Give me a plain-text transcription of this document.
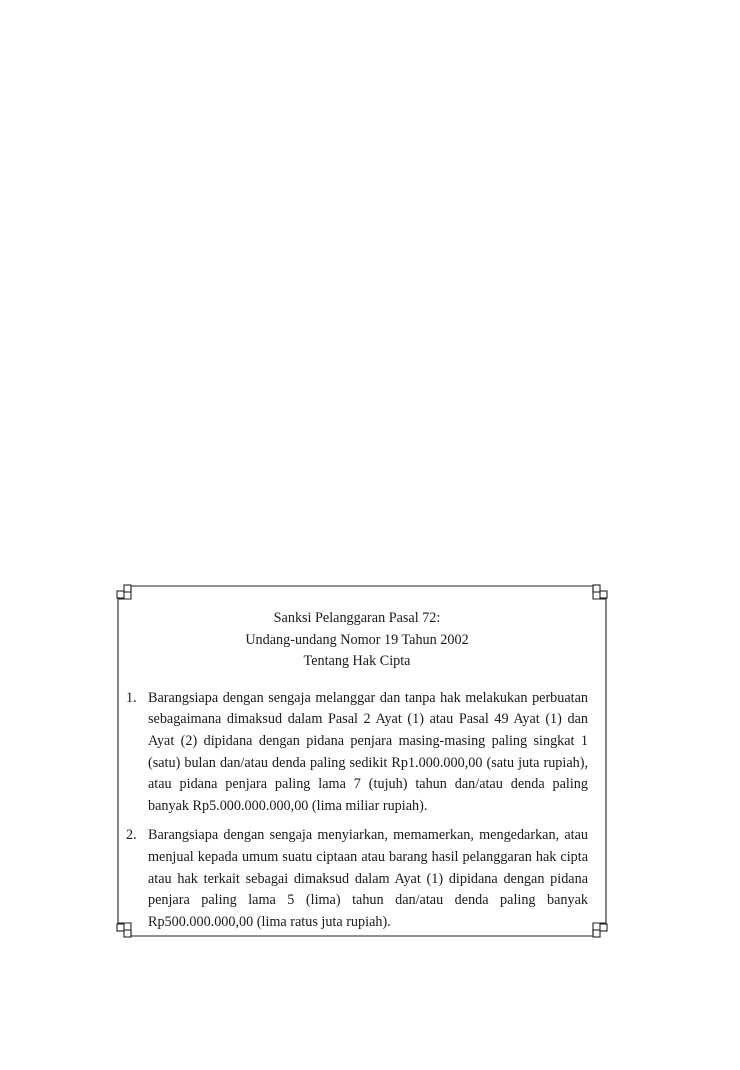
Sanksi Pelanggaran Pasal 72:
Undang-undang Nomor 19 Tahun 2002
Tentang Hak Cipta
1. Barangsiapa dengan sengaja melanggar dan tanpa hak melakukan perbuatan sebagaimana dimaksud dalam Pasal 2 Ayat (1) atau Pasal 49 Ayat (1) dan Ayat (2) dipidana dengan pidana penjara masing-masing paling singkat 1 (satu) bulan dan/atau denda paling sedikit Rp1.000.000,00 (satu juta rupiah), atau pidana penjara paling lama 7 (tujuh) tahun dan/atau denda paling banyak Rp5.000.000.000,00 (lima miliar rupiah).
2. Barangsiapa dengan sengaja menyiarkan, memamerkan, mengedarkan, atau menjual kepada umum suatu ciptaan atau barang hasil pelanggaran hak cipta atau hak terkait sebagai dimaksud dalam Ayat (1) dipidana dengan pidana penjara paling lama 5 (lima) tahun dan/atau denda paling banyak Rp500.000.000,00 (lima ratus juta rupiah).
